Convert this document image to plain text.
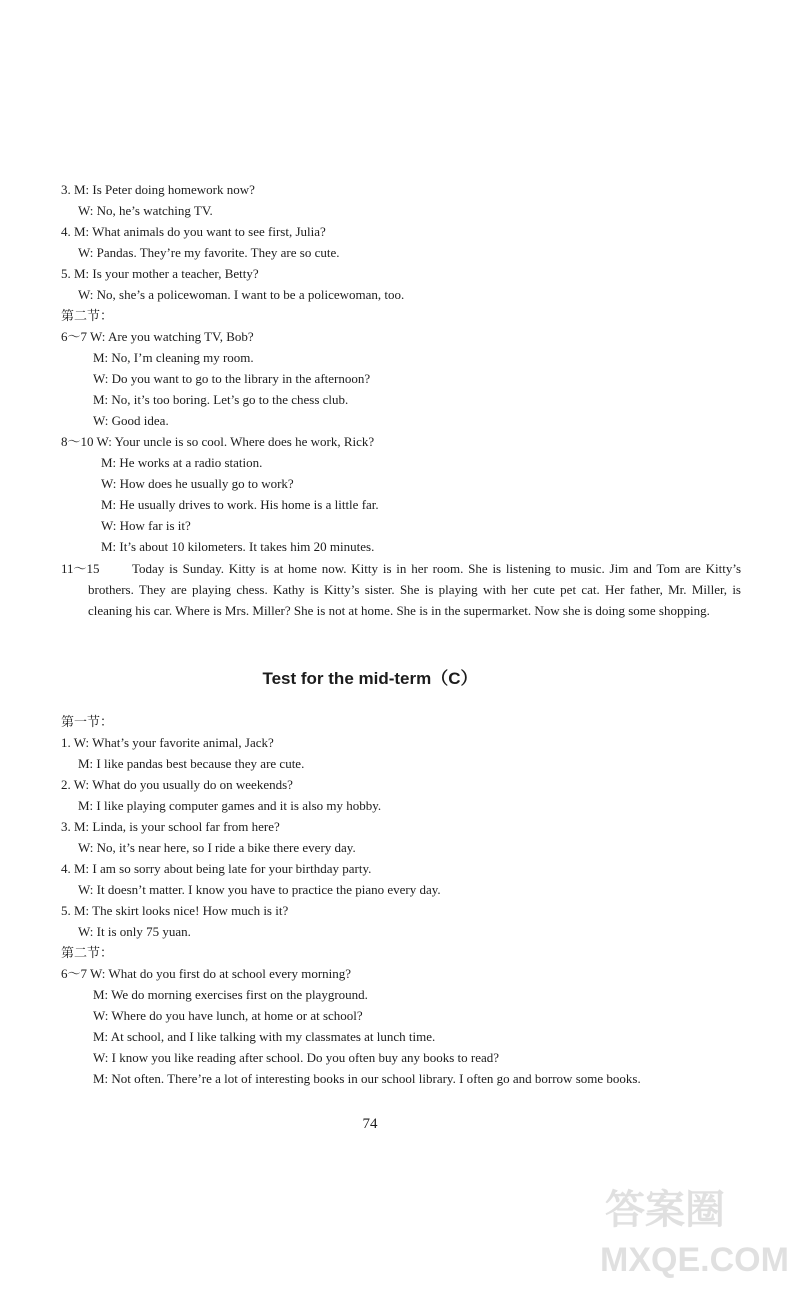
3. M: Is Peter doing homework now?
W: No, he’s watching TV.
4. M: What animals do you want to see first, Julia?
W: Pandas. They’re my favorite. They are so cute.
5. M: Is your mother a teacher, Betty?
W: No, she’s a policewoman. I want to be a policewoman, too.
第二节：
6～7 W: Are you watching TV, Bob?
M: No, I’m cleaning my room.
W: Do you want to go to the library in the afternoon?
M: No, it’s too boring. Let’s go to the chess club.
W: Good idea.
8～10 W: Your uncle is so cool. Where does he work, Rick?
M: He works at a radio station.
W: How does he usually go to work?
M: He usually drives to work. His home is a little far.
W: How far is it?
M: It’s about 10 kilometers. It takes him 20 minutes.
11～15	Today is Sunday. Kitty is at home now. Kitty is in her room. She is listening to music. Jim and Tom are Kitty’s brothers. They are playing chess. Kathy is Kitty’s sister. She is playing with her cute pet cat. Her father, Mr. Miller, is cleaning his car. Where is Mrs. Miller? She is not at home. She is in the supermarket. Now she is doing some shopping.
Test for the mid-term（C）
第一节：
1. W: What’s your favorite animal, Jack?
M: I like pandas best because they are cute.
2. W: What do you usually do on weekends?
M: I like playing computer games and it is also my hobby.
3. M: Linda, is your school far from here?
W: No, it’s near here, so I ride a bike there every day.
4. M: I am so sorry about being late for your birthday party.
W: It doesn’t matter. I know you have to practice the piano every day.
5. M: The skirt looks nice! How much is it?
W: It is only 75 yuan.
第二节：
6～7 W: What do you first do at school every morning?
M: We do morning exercises first on the playground.
W: Where do you have lunch, at home or at school?
M: At school, and I like talking with my classmates at lunch time.
W: I know you like reading after school. Do you often buy any books to read?
M: Not often. There’re a lot of interesting books in our school library. I often go and borrow some books.
74
答案圈
MXQE.COM
